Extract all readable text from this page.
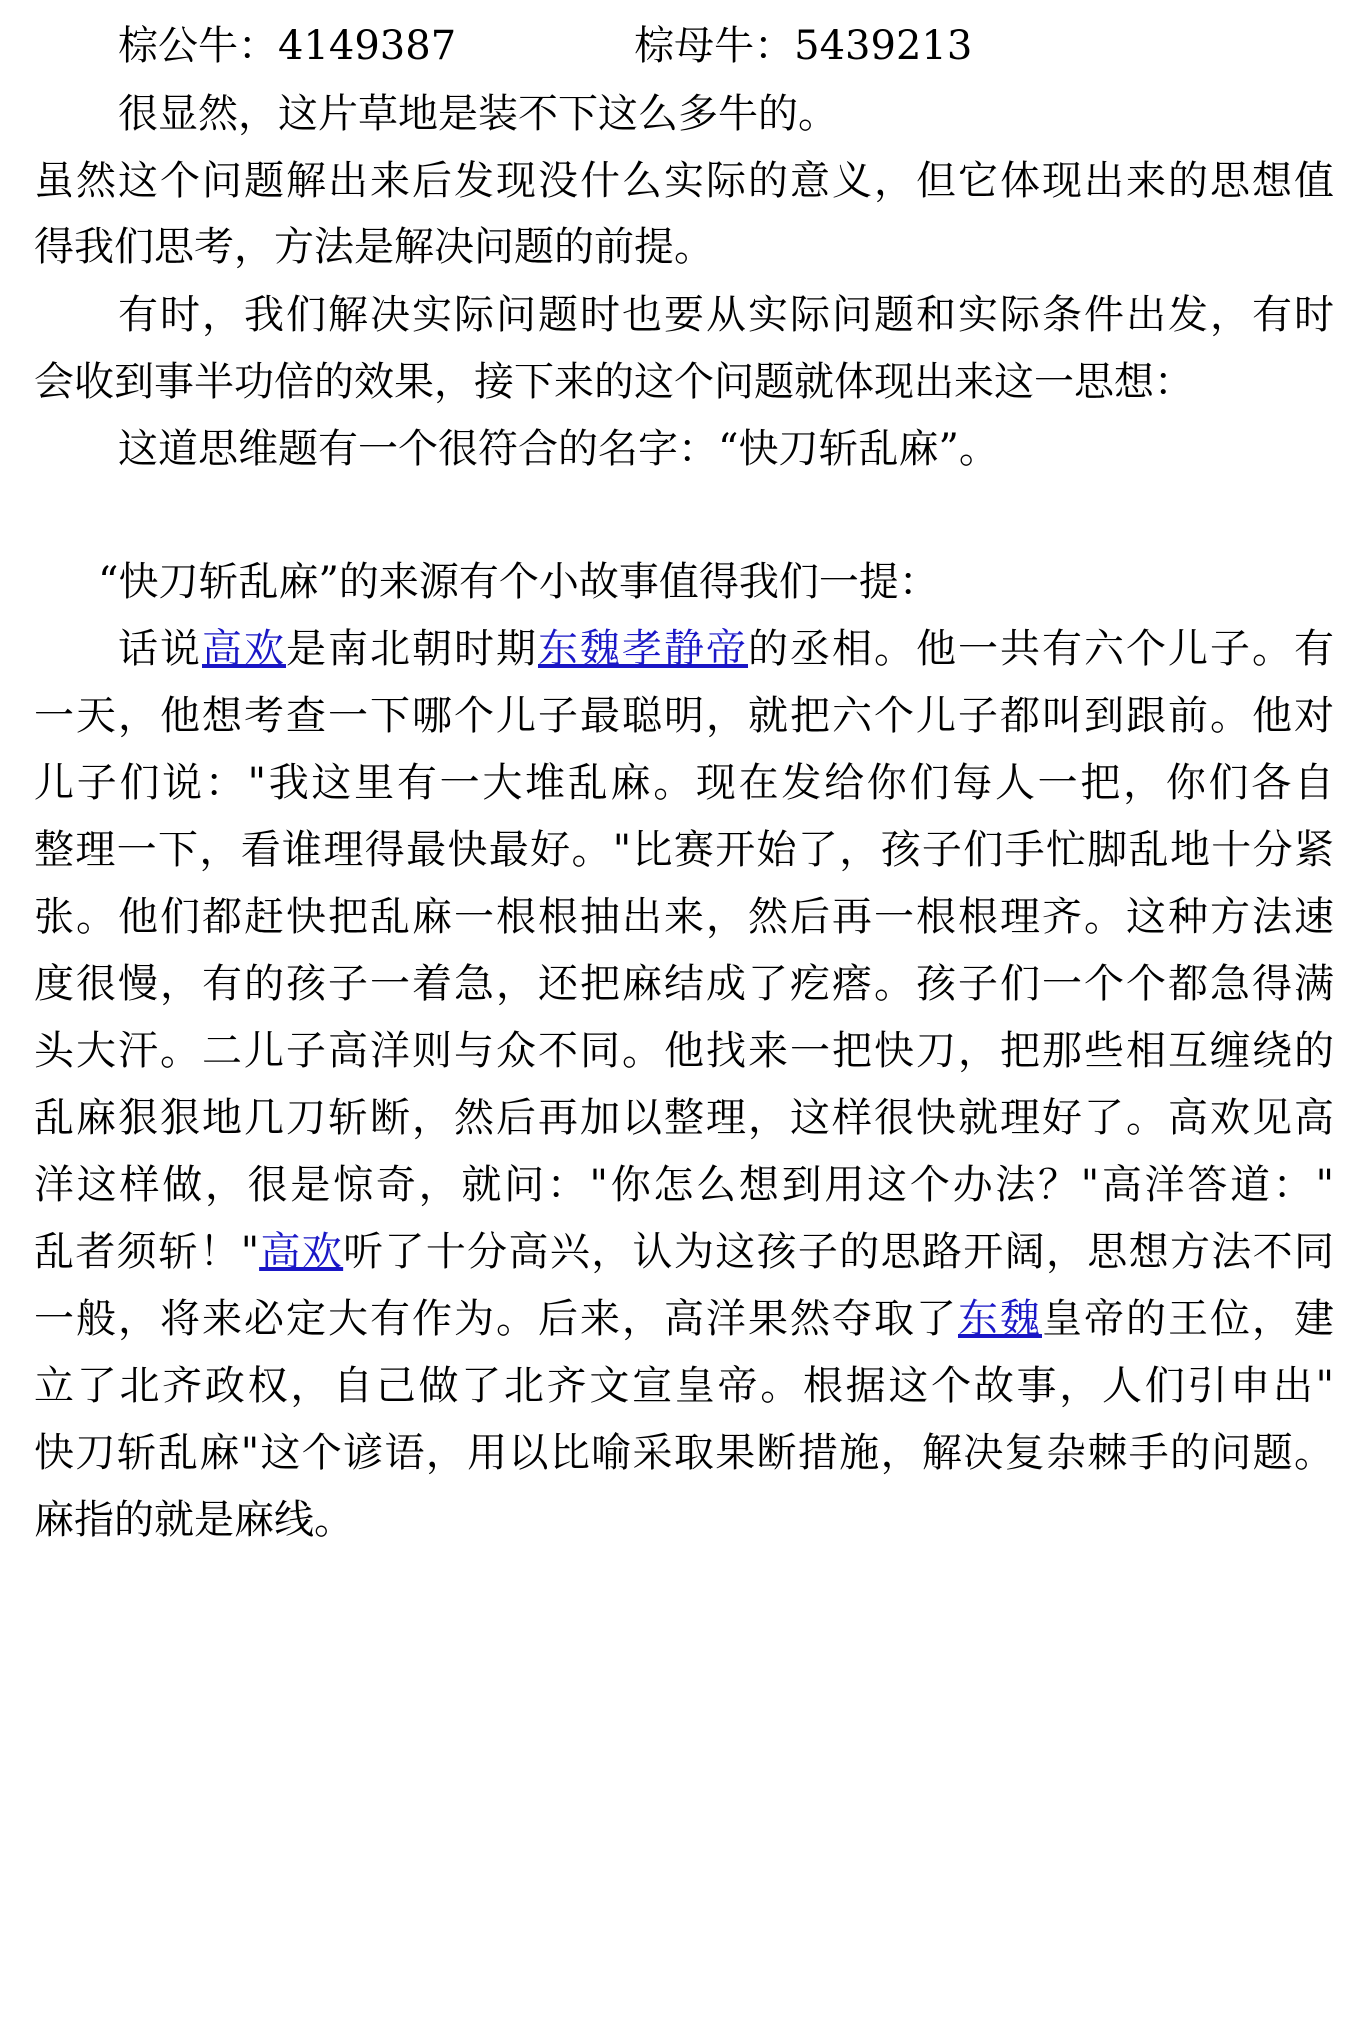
棕公牛：4149387	棕母牛：5439213
很显然，这片草地是装不下这么多牛的。
虽然这个问题解出来后发现没什么实际的意义，但它体现出来的思想值
得我们思考，方法是解决问题的前提。
有时，我们解决实际问题时也要从实际问题和实际条件出发，有时
会收到事半功倍的效果，接下来的这个问题就体现出来这一思想：
这道思维题有一个很符合的名字：“快刀斩乱麻”。
“快刀斩乱麻”的来源有个小故事值得我们一提：
话说高欢是南北朝时期东魏孝静帝的丞相。他一共有六个儿子。有
一天，他想考查一下哪个儿子最聪明，就把六个儿子都叫到跟前。他对
儿子们说："我这里有一大堆乱麻。现在发给你们每人一把，你们各自
整理一下，看谁理得最快最好。"比赛开始了，孩子们手忙脚乱地十分紧
张。他们都赶快把乱麻一根根抽出来，然后再一根根理齐。这种方法速
度很慢，有的孩子一着急，还把麻结成了疙瘩。孩子们一个个都急得满
头大汗。二儿子高洋则与众不同。他找来一把快刀，把那些相互缠绕的
乱麻狠狠地几刀斩断，然后再加以整理，这样很快就理好了。高欢见高
洋这样做，很是惊奇，就问："你怎么想到用这个办法？"高洋答道："
乱者须斩！"高欢听了十分高兴，认为这孩子的思路开阔，思想方法不同
一般，将来必定大有作为。后来，高洋果然夺取了东魏皇帝的王位，建
立了北齐政权，自己做了北齐文宣皇帝。根据这个故事，人们引申出"
快刀斩乱麻"这个谚语，用以比喻采取果断措施，解决复杂棘手的问题。
麻指的就是麻线。
